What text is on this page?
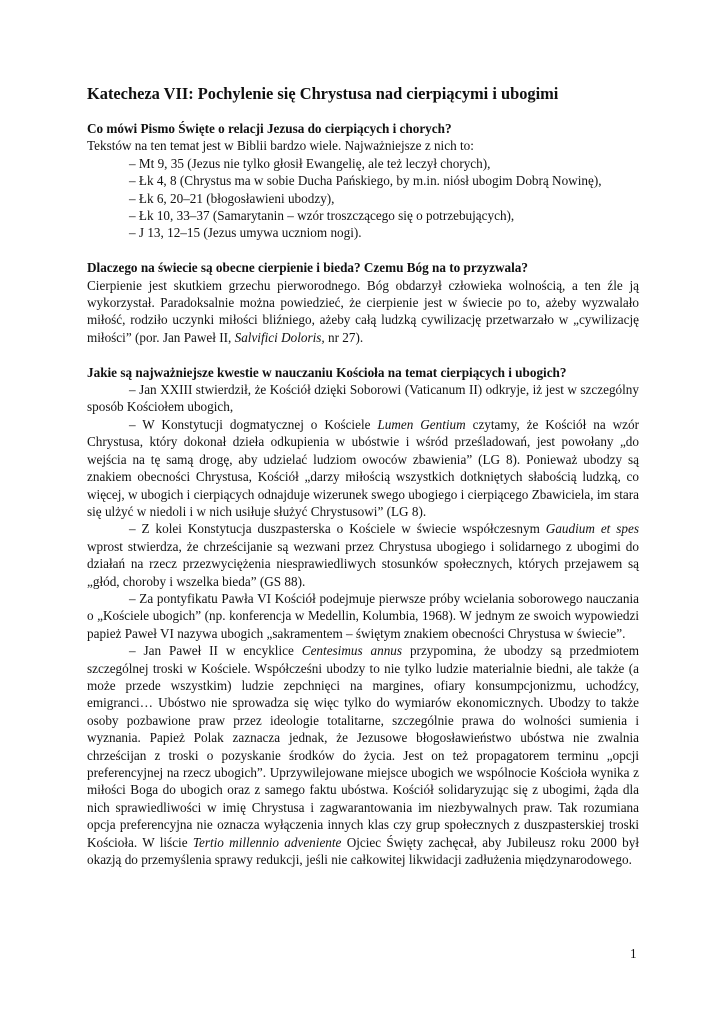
Katecheza VII: Pochylenie się Chrystusa nad cierpiącymi i ubogimi
Co mówi Pismo Święte o relacji Jezusa do cierpiących i chorych?

Tekstów na ten temat jest w Biblii bardzo wiele. Najważniejsze z nich to:

– Mt 9, 35 (Jezus nie tylko głosił Ewangelię, ale też leczył chorych),

– Łk 4, 8 (Chrystus ma w sobie Ducha Pańskiego, by m.in. niósł ubogim Dobrą Nowinę),

– Łk 6, 20–21 (błogosławieni ubodzy),

– Łk 10, 33–37 (Samarytanin – wzór troszczącego się o potrzebujących),

– J 13, 12–15 (Jezus umywa uczniom nogi).

Dlaczego na świecie są obecne cierpienie i bieda? Czemu Bóg na to przyzwala?

Cierpienie jest skutkiem grzechu pierworodnego. Bóg obdarzył człowieka wolnością, a ten źle ją wykorzystał. Paradoksalnie można powiedzieć, że cierpienie jest w świecie po to, ażeby wyzwalało miłość, rodziło uczynki miłości bliźniego, ażeby całą ludzką cywilizację przetwarzało w „cywilizację miłości” (por. Jan Paweł II, Salvifici Doloris, nr 27).

Jakie są najważniejsze kwestie w nauczaniu Kościoła na temat cierpiących i ubogich?

– Jan XXIII stwierdził, że Kościół dzięki Soborowi (Vaticanum II) odkryje, iż jest w szczególny sposób Kościołem ubogich,

– W Konstytucji dogmatycznej o Kościele Lumen Gentium czytamy, że Kościół na wzór Chrystusa, który dokonał dzieła odkupienia w ubóstwie i wśród prześladowań, jest powołany „do wejścia na tę samą drogę, aby udzielać ludziom owoców zbawienia” (LG 8). Ponieważ ubodzy są znakiem obecności Chrystusa, Kościół „darzy miłością wszystkich dotkniętych słabością ludzką, co więcej, w ubogich i cierpiących odnajduje wizerunek swego ubogiego i cierpiącego Zbawiciela, im stara się ulżyć w niedoli i w nich usiłuje służyć Chrystusowi” (LG 8).

– Z kolei Konstytucja duszpasterska o Kościele w świecie współczesnym Gaudium et spes wprost stwierdza, że chrześcijanie są wezwani przez Chrystusa ubogiego i solidarnego z ubogimi do działań na rzecz przezwyciężenia niesprawiedliwych stosunków społecznych, których przejawem są „głód, choroby i wszelka bieda” (GS 88).

– Za pontyfikatu Pawła VI Kościół podejmuje pierwsze próby wcielania soborowego nauczania o „Kościele ubogich” (np. konferencja w Medellin, Kolumbia, 1968). W jednym ze swoich wypowiedzi papież Paweł VI nazywa ubogich „sakramentem – świętym znakiem obecności Chrystusa w świecie”.

– Jan Paweł II w encyklice Centesimus annus przypomina, że ubodzy są przedmiotem szczególnej troski w Kościele. Współcześni ubodzy to nie tylko ludzie materialnie biedni, ale także (a może przede wszystkim) ludzie zepchnięci na margines, ofiary konsumpcjonizmu, uchodźcy, emigranci… Ubóstwo nie sprowadza się więc tylko do wymiarów ekonomicznych. Ubodzy to także osoby pozbawione praw przez ideologie totalitarne, szczególnie prawa do wolności sumienia i wyznania. Papież Polak zaznacza jednak, że Jezusowe błogosławieństwo ubóstwa nie zwalnia chrześcijan z troski o pozyskanie środków do życia. Jest on też propagatorem terminu „opcji preferencyjnej na rzecz ubogich”. Uprzywilejowane miejsce ubogich we wspólnocie Kościoła wynika z miłości Boga do ubogich oraz z samego faktu ubóstwa. Kościół solidaryzując się z ubogimi, żąda dla nich sprawiedliwości w imię Chrystusa i zagwarantowania im niezbywalnych praw. Tak rozumiana opcja preferencyjna nie oznacza wyłączenia innych klas czy grup społecznych z duszpasterskiej troski Kościoła. W liście Tertio millennio adveniente Ojciec Święty zachęcał, aby Jubileusz roku 2000 był okazją do przemyślenia sprawy redukcji, jeśli nie całkowitej likwidacji zadłużenia międzynarodowego.

1
